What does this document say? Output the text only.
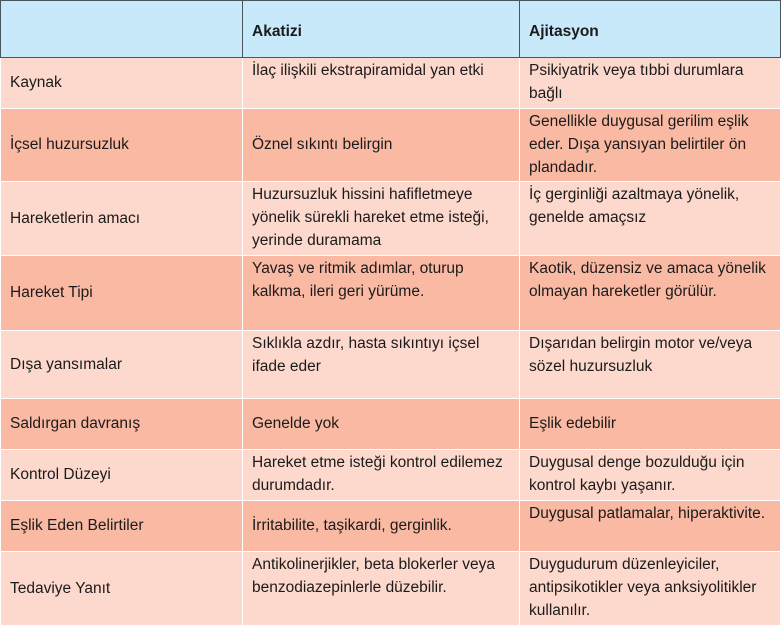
	Akatizi	Ajitasyon
Kaynak	İlaç ilişkili ekstrapiramidal yan etki	Psikiyatrik veya tıbbi durumlara bağlı
İçsel huzursuzluk	Öznel sıkıntı belirgin	Genellikle duygusal gerilim eşlik eder. Dışa yansıyan belirtiler ön plandadır.
Hareketlerin amacı	Huzursuzluk hissini hafifletmeye yönelik sürekli hareket etme isteği, yerinde duramama	İç gerginliği azaltmaya yönelik, genelde amaçsız
Hareket Tipi	Yavaş ve ritmik adımlar, oturup kalkma, ileri geri yürüme.	Kaotik, düzensiz ve amaca yönelik olmayan hareketler görülür.
Dışa yansımalar	Sıklıkla azdır, hasta sıkıntıyı içsel ifade eder	Dışarıdan belirgin motor ve/veya sözel huzursuzluk
Saldırgan davranış	Genelde yok	Eşlik edebilir
Kontrol Düzeyi	Hareket etme isteği kontrol edilemez durumdadır.	Duygusal denge bozulduğu için kontrol kaybı yaşanır.
Eşlik Eden Belirtiler	İrritabilite, taşikardi, gerginlik.	Duygusal patlamalar, hiperaktivite.
Tedaviye Yanıt	Antikolinerjikler, beta blokerler veya benzodiazepinlerle düzebilir.	Duygudurum düzenleyiciler, antipsikotikler veya anksiyolitikler kullanılır.
